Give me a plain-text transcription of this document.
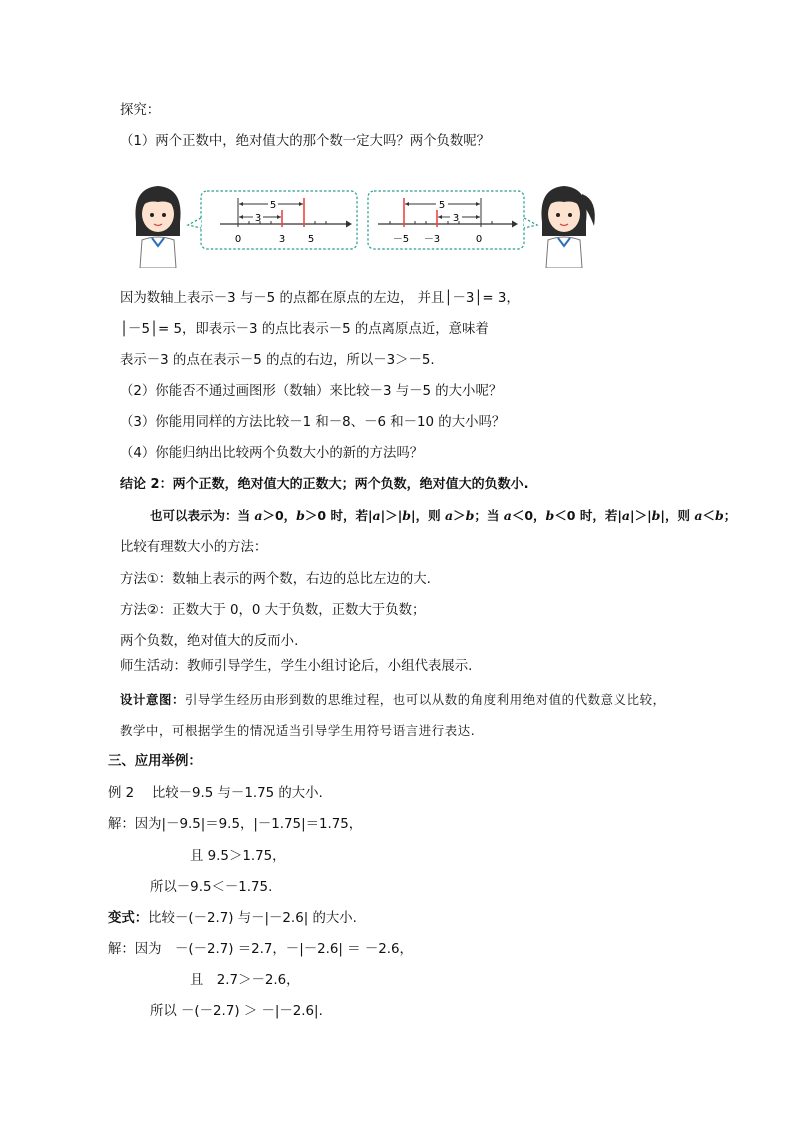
探究：
（1）两个正数中，绝对值大的那个数一定大吗？两个负数呢？
5
3
0	3 5
5
3
－5 －3	0
因为数轴上表示－3 与－5 的点都在原点的左边， 并且│－3│= 3，
│－5│= 5，即表示－3 的点比表示－5 的点离原点近，意味着
表示－3 的点在表示－5 的点的右边，所以－3＞－5.
（2）你能否不通过画图形（数轴）来比较－3 与－5 的大小呢？
（3）你能用同样的方法比较－1 和－8、－6 和－10 的大小吗？
（4）你能归纳出比较两个负数大小的新的方法吗？
结论 2：两个正数，绝对值大的正数大；两个负数，绝对值大的负数小.
也可以表示为：当 a＞0，b＞0 时，若|a|＞|b|，则 a＞b；当 a＜0，b＜0 时，若|a|＞|b|，则 a＜b；
比较有理数大小的方法：
方法①：数轴上表示的两个数，右边的总比左边的大.
方法②：正数大于 0，0 大于负数，正数大于负数；
两个负数，绝对值大的反而小.
师生活动：教师引导学生，学生小组讨论后，小组代表展示.
设计意图：引导学生经历由形到数的思维过程，也可以从数的角度利用绝对值的代数意义比较，
教学中，可根据学生的情况适当引导学生用符号语言进行表达.
三、应用举例：
例 2　 比较－9.5 与－1.75 的大小.
解：因为|－9.5|＝9.5，|－1.75|＝1.75，
且 9.5＞1.75，
所以－9.5＜－1.75.
变式：比较－(－2.7) 与－|－2.6| 的大小.
解：因为　－(－2.7) ＝2.7，－|－2.6| ＝ －2.6，
且　2.7＞－2.6，
所以 －(－2.7) ＞ －|－2.6|.
